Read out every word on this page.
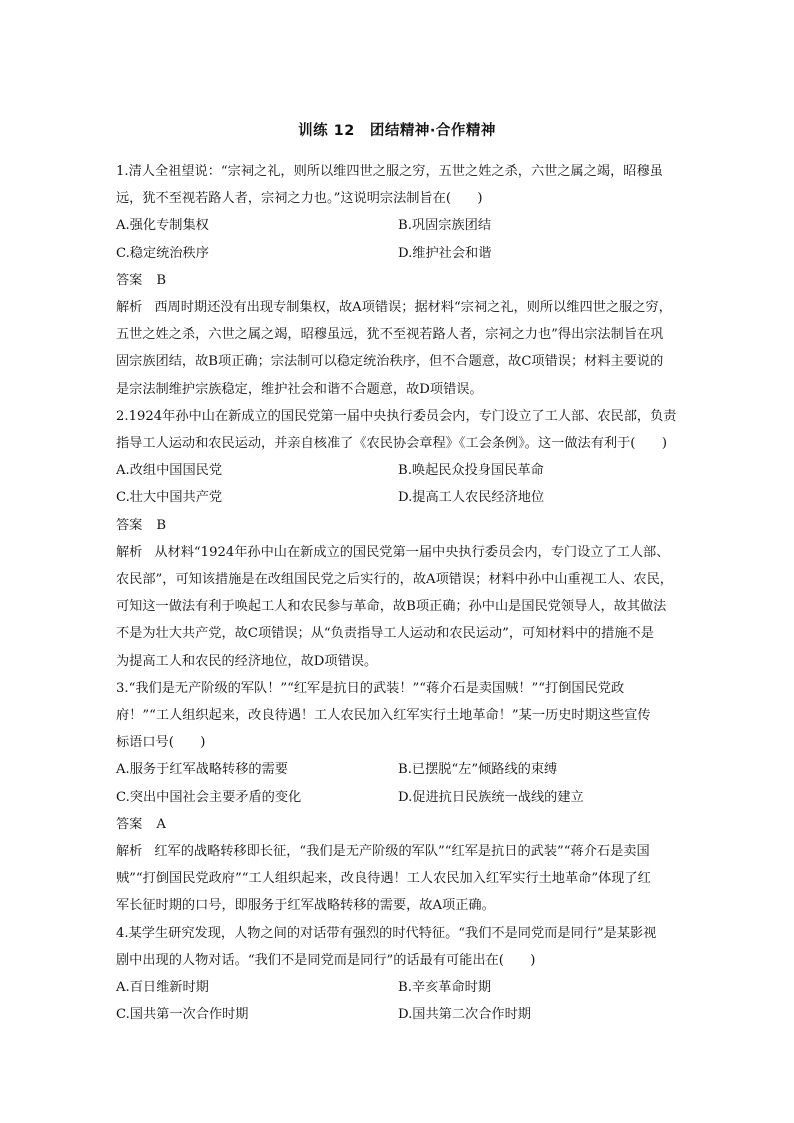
训练 12　团结精神·合作精神
1.清人全祖望说：“宗祠之礼，则所以维四世之服之穷，五世之姓之杀，六世之属之竭，昭穆虽
远，犹不至视若路人者，宗祠之力也。”这说明宗法制旨在(　　)
A.强化专制集权	B.巩固宗族团结
C.稳定统治秩序	D.维护社会和谐
答案 B
解析 西周时期还没有出现专制集权，故A项错误；据材料“宗祠之礼，则所以维四世之服之穷，
五世之姓之杀，六世之属之竭，昭穆虽远，犹不至视若路人者，宗祠之力也”得出宗法制旨在巩
固宗族团结，故B项正确；宗法制可以稳定统治秩序，但不合题意，故C项错误；材料主要说的
是宗法制维护宗族稳定，维护社会和谐不合题意，故D项错误。
2.1924年孙中山在新成立的国民党第一届中央执行委员会内，专门设立了工人部、农民部，负责
指导工人运动和农民运动，并亲自核准了《农民协会章程》《工会条例》。这一做法有利于(　　)
A.改组中国国民党	B.唤起民众投身国民革命
C.壮大中国共产党	D.提高工人农民经济地位
答案 B
解析 从材料“1924年孙中山在新成立的国民党第一届中央执行委员会内，专门设立了工人部、
农民部”，可知该措施是在改组国民党之后实行的，故A项错误；材料中孙中山重视工人、农民，
可知这一做法有利于唤起工人和农民参与革命，故B项正确；孙中山是国民党领导人，故其做法
不是为壮大共产党，故C项错误；从“负责指导工人运动和农民运动”，可知材料中的措施不是
为提高工人和农民的经济地位，故D项错误。
3.“我们是无产阶级的军队！”“红军是抗日的武装！”“蒋介石是卖国贼！”“打倒国民党政
府！”“工人组织起来，改良待遇！工人农民加入红军实行土地革命！”某一历史时期这些宣传
标语口号(　　)
A.服务于红军战略转移的需要	B.已摆脱“左”倾路线的束缚
C.突出中国社会主要矛盾的变化	D.促进抗日民族统一战线的建立
答案 A
解析 红军的战略转移即长征，“我们是无产阶级的军队”“红军是抗日的武装”“蒋介石是卖国
贼”“打倒国民党政府”“工人组织起来，改良待遇！工人农民加入红军实行土地革命”体现了红
军长征时期的口号，即服务于红军战略转移的需要，故A项正确。
4.某学生研究发现，人物之间的对话带有强烈的时代特征。“我们不是同党而是同行”是某影视
剧中出现的人物对话。“我们不是同党而是同行”的话最有可能出在(　　)
A.百日维新时期	B.辛亥革命时期
C.国共第一次合作时期	D.国共第二次合作时期
